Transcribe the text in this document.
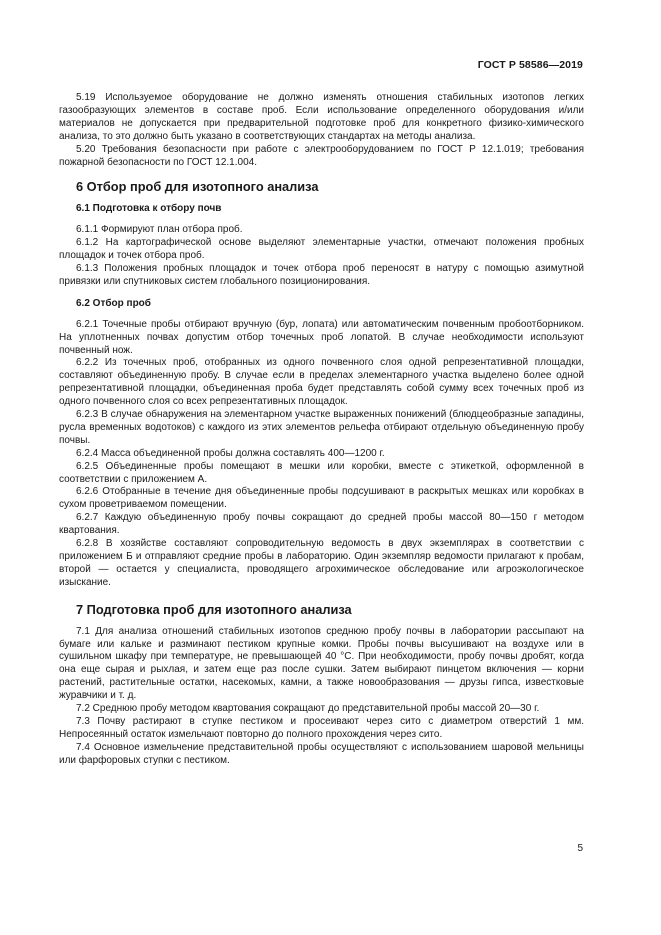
ГОСТ Р 58586—2019

5.19 Используемое оборудование не должно изменять отношения стабильных изотопов легких газообразующих элементов в составе проб. Если использование определенного оборудования и/или материалов не допускается при предварительной подготовке проб для конкретного физико-химического анализа, то это должно быть указано в соответствующих стандартах на методы анализа.

5.20 Требования безопасности при работе с электрооборудованием по ГОСТ Р 12.1.019; требования пожарной безопасности по ГОСТ 12.1.004.

6 Отбор проб для изотопного анализа
6.1 Подготовка к отбору почв

6.1.1 Формируют план отбора проб.

6.1.2 На картографической основе выделяют элементарные участки, отмечают положения пробных площадок и точек отбора проб.

6.1.3 Положения пробных площадок и точек отбора проб переносят в натуру с помощью азимутной привязки или спутниковых систем глобального позиционирования.

6.2 Отбор проб

6.2.1 Точечные пробы отбирают вручную (бур, лопата) или автоматическим почвенным пробоотборником. На уплотненных почвах допустим отбор точечных проб лопатой. В случае необходимости используют почвенный нож.

6.2.2 Из точечных проб, отобранных из одного почвенного слоя одной репрезентативной площадки, составляют объединенную пробу. В случае если в пределах элементарного участка выделено более одной репрезентативной площадки, объединенная проба будет представлять собой сумму всех точечных проб из одного почвенного слоя со всех репрезентативных площадок.

6.2.3 В случае обнаружения на элементарном участке выраженных понижений (блюдцеобразные западины, русла временных водотоков) с каждого из этих элементов рельефа отбирают отдельную объединенную пробу почвы.

6.2.4 Масса объединенной пробы должна составлять 400—1200 г.

6.2.5 Объединенные пробы помещают в мешки или коробки, вместе с этикеткой, оформленной в соответствии с приложением А.

6.2.6 Отобранные в течение дня объединенные пробы подсушивают в раскрытых мешках или коробках в сухом проветриваемом помещении.

6.2.7 Каждую объединенную пробу почвы сокращают до средней пробы массой 80—150 г методом квартования.

6.2.8 В хозяйстве составляют сопроводительную ведомость в двух экземплярах в соответствии с приложением Б и отправляют средние пробы в лабораторию. Один экземпляр ведомости прилагают к пробам, второй — остается у специалиста, проводящего агрохимическое обследование или агроэкологическое изыскание.

7 Подготовка проб для изотопного анализа

7.1 Для анализа отношений стабильных изотопов среднюю пробу почвы в лаборатории рассыпают на бумаге или кальке и разминают пестиком крупные комки. Пробы почвы высушивают на воздухе или в сушильном шкафу при температуре, не превышающей 40 °С. При необходимости, пробу почвы дробят, когда она еще сырая и рыхлая, и затем еще раз после сушки. Затем выбирают пинцетом включения — корни растений, растительные остатки, насекомых, камни, а также новообразования — друзы гипса, известковые журавчики и т. д.

7.2 Среднюю пробу методом квартования сокращают до представительной пробы массой 20—30 г.

7.3 Почву растирают в ступке пестиком и просеивают через сито с диаметром отверстий 1 мм. Непросеянный остаток измельчают повторно до полного прохождения через сито.

7.4 Основное измельчение представительной пробы осуществляют с использованием шаровой мельницы или фарфоровых ступки с пестиком.

5
